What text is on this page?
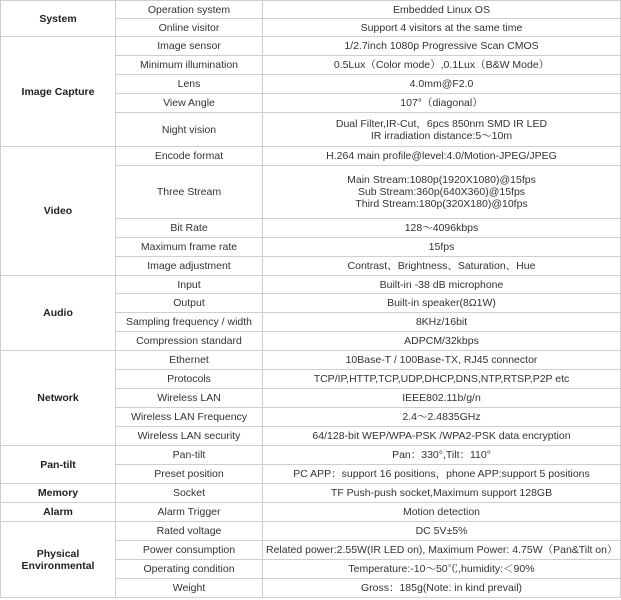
System	Operation system	Embedded Linux OS

	Online visitor	Support 4 visitors at the same time

Image Capture	Image sensor	1/2.7inch 1080p Progressive Scan CMOS

	Minimum illumination	0.5Lux（Color mode）,0.1Lux（B&W Mode）

	Lens	4.0mm@F2.0

	View Angle	107°（diagonal）

	Night vision	Dual Filter,IR-Cut，6pcs 850nm SMD IR LED
IR irradiation distance:5～10m

Video	Encode format	H.264 main profile@level:4.0/Motion-JPEG/JPEG

	Three Stream	Main Stream:1080p(1920X1080)@15fps
Sub Stream:360p(640X360)@15fps
Third Stream:180p(320X180)@10fps

	Bit Rate	128～4096kbps

	Maximum frame rate	15fps

	Image adjustment	Contrast、Brightness、Saturation、Hue

Audio	Input	Built-in -38 dB microphone

	Output	Built-in speaker(8Ω1W)

	Sampling frequency / width	8KHz/16bit

	Compression standard	ADPCM/32kbps

Network	Ethernet	10Base-T / 100Base-TX, RJ45 connector

	Protocols	TCP/IP,HTTP,TCP,UDP,DHCP,DNS,NTP,RTSP,P2P etc

	Wireless LAN	IEEE802.11b/g/n

	Wireless LAN Frequency	2.4～2.4835GHz

	Wireless LAN security	64/128-bit WEP/WPA-PSK /WPA2-PSK data encryption

Pan-tilt	Pan-tilt	Pan：330°,Tilt：110°

	Preset position	PC APP：support 16 positions，phone APP:support 5 positions

Memory	Socket	TF Push-push socket,Maximum support 128GB

Alarm	Alarm Trigger	Motion detection

Physical
Environmental	Rated voltage	DC 5V±5%

	Power consumption	Related power:2.55W(IR LED on), Maximum Power: 4.75W（Pan&Tilt on）

	Operating condition	Temperature:-10～50℃,humidity:＜90%

	Weight	Gross：185g(Note: in kind prevail)
